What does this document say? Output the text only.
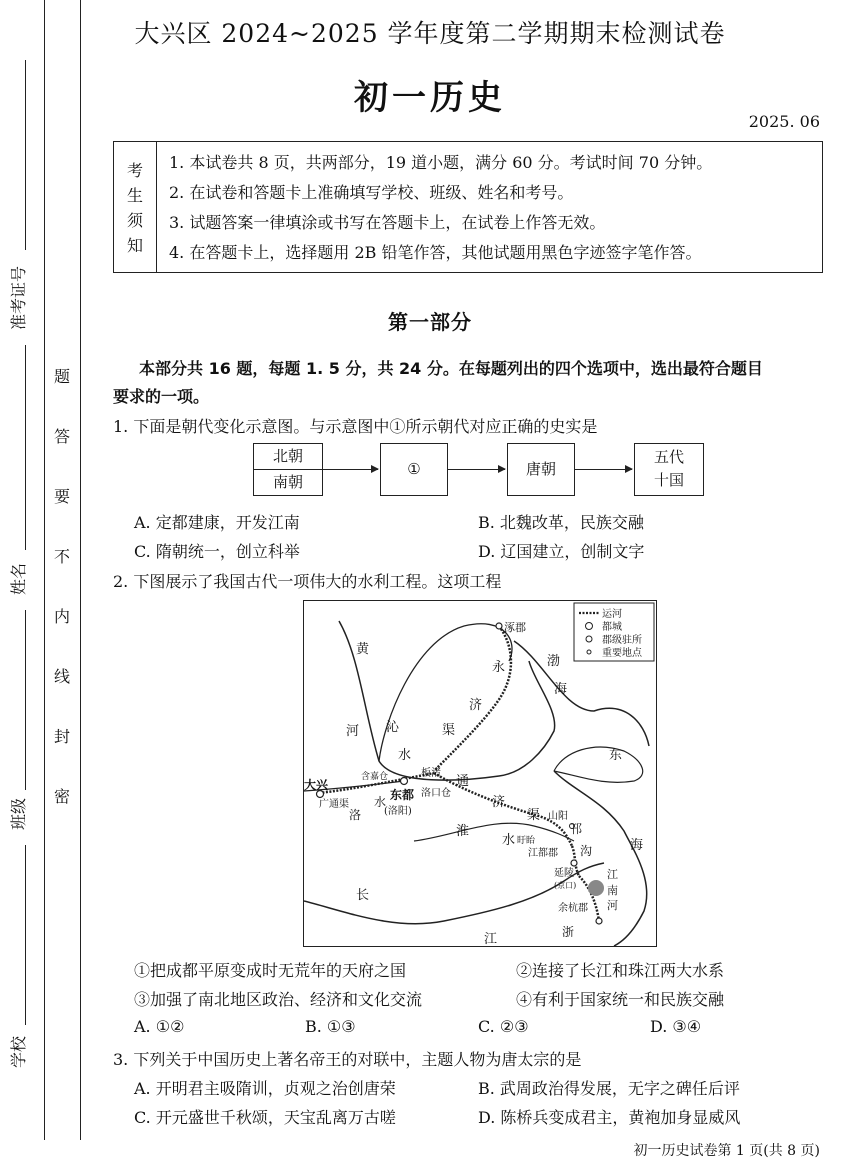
准考证号
姓名
班级
学校
题
答
要
不
内
线
封
密
大兴区 2024~2025 学年度第二学期期末检测试卷
初一历史
2025. 06
考
生
须
知
1. 本试卷共 8 页，共两部分，19 道小题，满分 60 分。考试时间 70 分钟。
2. 在试卷和答题卡上准确填写学校、班级、姓名和考号。
3. 试题答案一律填涂或书写在答题卡上，在试卷上作答无效。
4. 在答题卡上，选择题用 2B 铅笔作答，其他试题用黑色字迹签字笔作答。
第一部分
本部分共 16 题，每题 1. 5 分，共 24 分。在每题列出的四个选项中，选出最符合题目
要求的一项。
1. 下面是朝代变化示意图。与示意图中①所示朝代对应正确的史实是
北朝
南朝
①	唐朝
五代
十国
A. 定都建康，开发江南	B. 北魏改革，民族交融
C. 隋朝统一，创立科举	D. 辽国建立，创制文字
2. 下图展示了我国古代一项伟大的水利工程。这项工程
运河
都城
郡级驻所
重要地点
涿郡
渤
海
黄
河
永
济
沁	渠
水	东
含嘉仓	板渚
通
大兴
广通渠
洛
水 东都
(洛阳)
洛口仓
济
渠 山阳
淮
水 盱眙
邗
沟
江都郡
海
延陵
(京口)
江
南
河
长
江
余杭郡
浙
①把成都平原变成时无荒年的天府之国	②连接了长江和珠江两大水系
③加强了南北地区政治、经济和文化交流	④有利于国家统一和民族交融
A. ①②	B. ①③	C. ②③	D. ③④
3. 下列关于中国历史上著名帝王的对联中，主题人物为唐太宗的是
A. 开明君主吸隋训，贞观之治创唐荣	B. 武周政治得发展，无字之碑任后评
C. 开元盛世千秋颂，天宝乱离万古嗟	D. 陈桥兵变成君主，黄袍加身显威风
初一历史试卷第 1 页(共 8 页)
